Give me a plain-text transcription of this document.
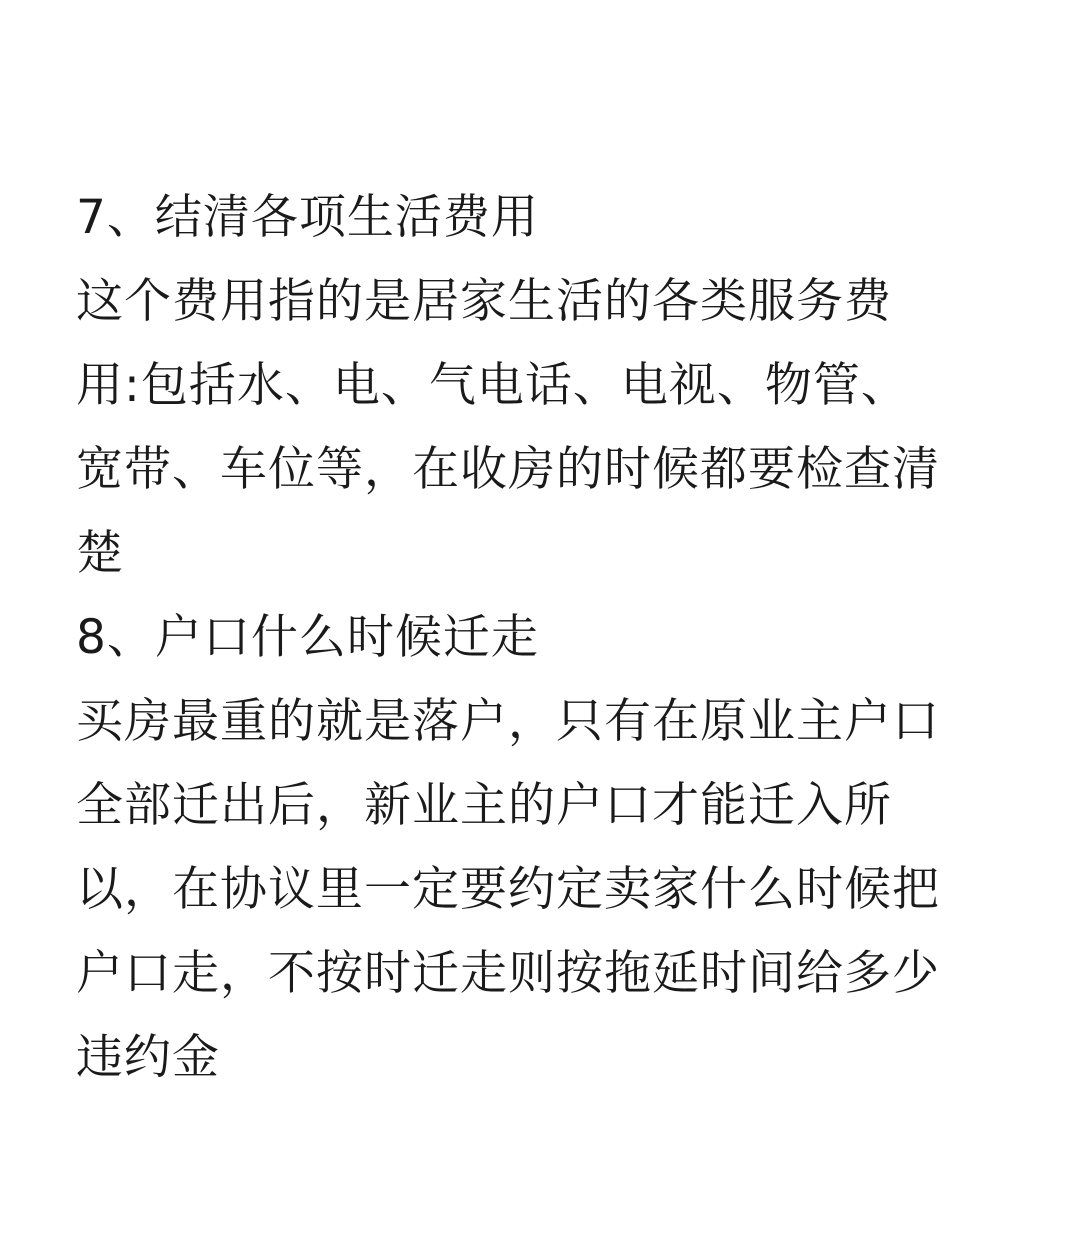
7、结清各项生活费用
这个费用指的是居家生活的各类服务费
用:包括水、电、气电话、电视、物管、
宽带、车位等，在收房的时候都要检查清
楚
8、户口什么时候迁走
买房最重的就是落户，只有在原业主户口
全部迁出后，新业主的户口才能迁入所
以，在协议里一定要约定卖家什么时候把
户口走，不按时迁走则按拖延时间给多少
违约金
